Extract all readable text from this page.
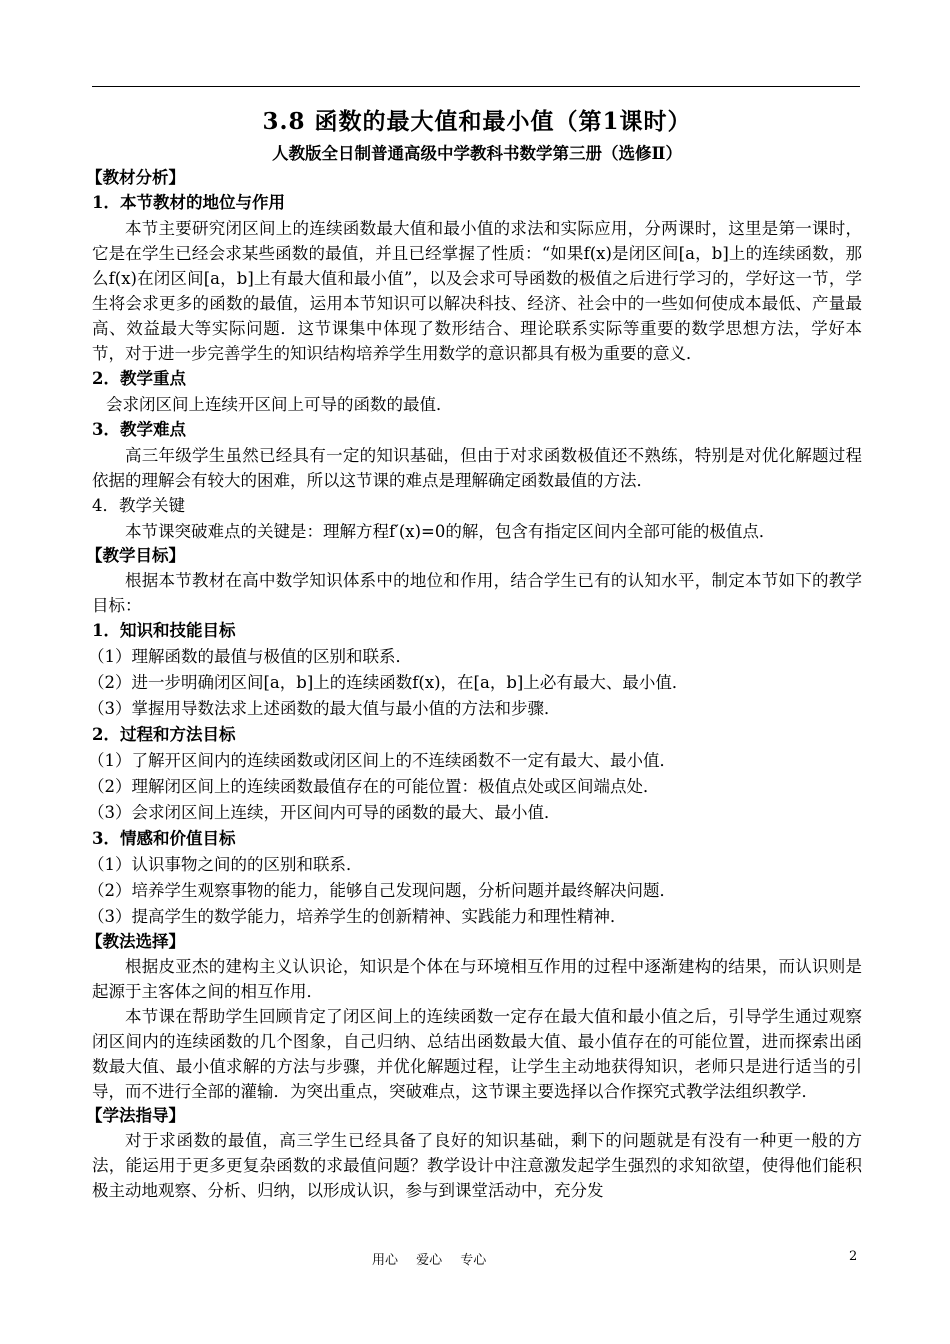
3.8 函数的最大值和最小值（第1课时）
人教版全日制普通高级中学教科书数学第三册（选修Ⅱ）
【教材分析】
1．本节教材的地位与作用

本节主要研究闭区间上的连续函数最大值和最小值的求法和实际应用，分两课时，这里是第一课时，它是在学生已经会求某些函数的最值，并且已经掌握了性质：“如果f(x)是闭区间[a，b]上的连续函数，那么f(x)在闭区间[a，b]上有最大值和最小值”，以及会求可导函数的极值之后进行学习的，学好这一节，学生将会求更多的函数的最值，运用本节知识可以解决科技、经济、社会中的一些如何使成本最低、产量最高、效益最大等实际问题．这节课集中体现了数形结合、理论联系实际等重要的数学思想方法，学好本节，对于进一步完善学生的知识结构培养学生用数学的意识都具有极为重要的意义．

2．教学重点

会求闭区间上连续开区间上可导的函数的最值．

3．教学难点

高三年级学生虽然已经具有一定的知识基础，但由于对求函数极值还不熟练，特别是对优化解题过程依据的理解会有较大的困难，所以这节课的难点是理解确定函数最值的方法．

4．教学关键

本节课突破难点的关键是：理解方程f′(x)=0的解，包含有指定区间内全部可能的极值点．

【教学目标】

根据本节教材在高中数学知识体系中的地位和作用，结合学生已有的认知水平，制定本节如下的教学目标：

1．知识和技能目标
（1）理解函数的最值与极值的区别和联系．
（2）进一步明确闭区间[a，b]上的连续函数f(x)，在[a，b]上必有最大、最小值．
（3）掌握用导数法求上述函数的最大值与最小值的方法和步骤．
2．过程和方法目标
（1）了解开区间内的连续函数或闭区间上的不连续函数不一定有最大、最小值．
（2）理解闭区间上的连续函数最值存在的可能位置：极值点处或区间端点处．
（3）会求闭区间上连续，开区间内可导的函数的最大、最小值．
3．情感和价值目标
（1）认识事物之间的的区别和联系．
（2）培养学生观察事物的能力，能够自己发现问题，分析问题并最终解决问题．
（3）提高学生的数学能力，培养学生的创新精神、实践能力和理性精神．
【教法选择】

根据皮亚杰的建构主义认识论，知识是个体在与环境相互作用的过程中逐渐建构的结果，而认识则是起源于主客体之间的相互作用．

本节课在帮助学生回顾肯定了闭区间上的连续函数一定存在最大值和最小值之后，引导学生通过观察闭区间内的连续函数的几个图象，自己归纳、总结出函数最大值、最小值存在的可能位置，进而探索出函数最大值、最小值求解的方法与步骤，并优化解题过程，让学生主动地获得知识，老师只是进行适当的引导，而不进行全部的灌输．为突出重点，突破难点，这节课主要选择以合作探究式教学法组织教学．

【学法指导】

对于求函数的最值，高三学生已经具备了良好的知识基础，剩下的问题就是有没有一种更一般的方法，能运用于更多更复杂函数的求最值问题？教学设计中注意激发起学生强烈的求知欲望，使得他们能积极主动地观察、分析、归纳，以形成认识，参与到课堂活动中，充分发

用心 爱心 专心	2
